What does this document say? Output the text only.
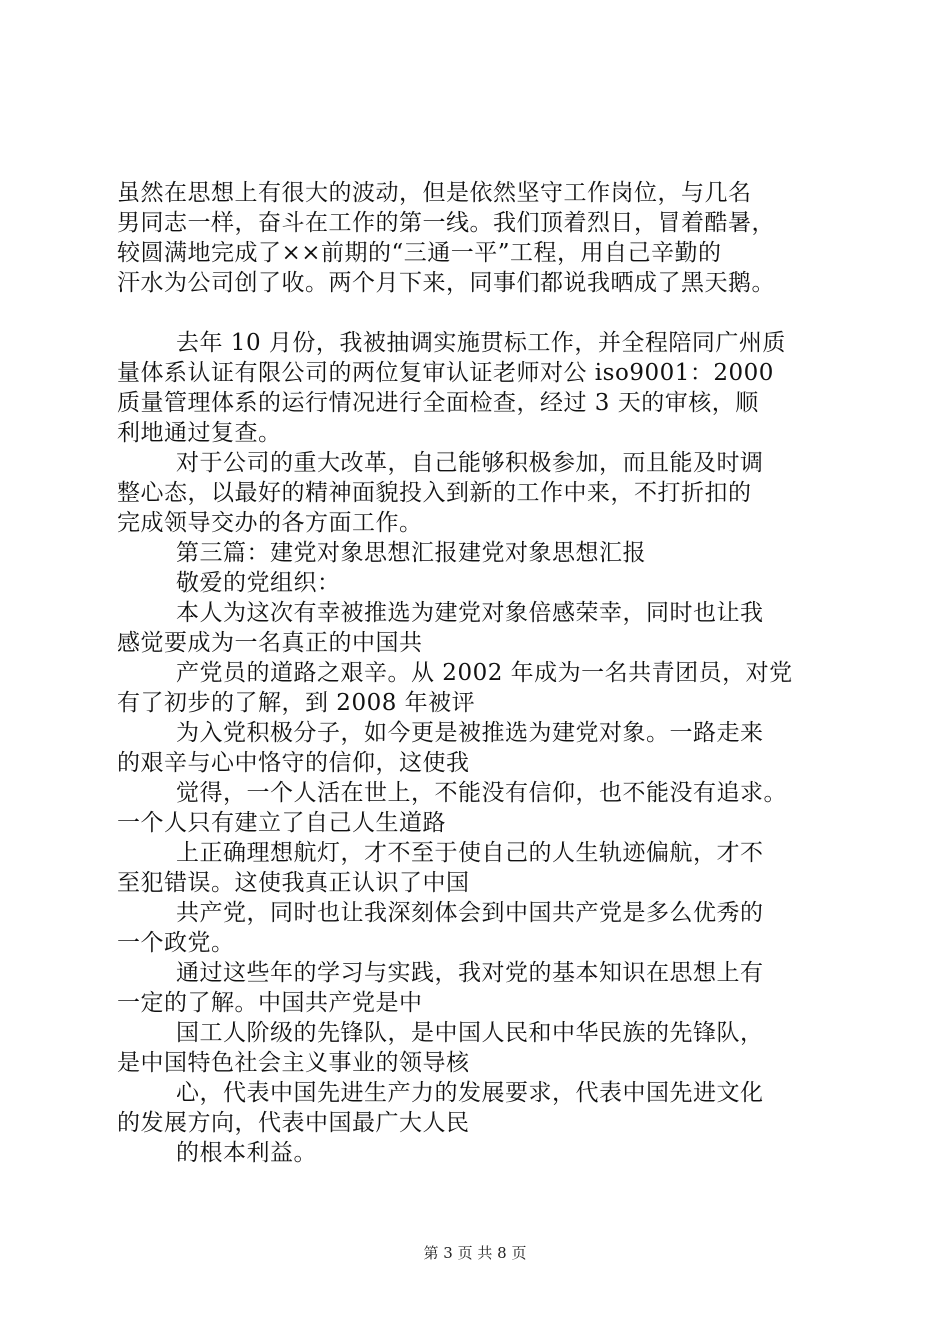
虽然在思想上有很大的波动，但是依然坚守工作岗位，与几名
男同志一样，奋斗在工作的第一线。我们顶着烈日，冒着酷暑，
较圆满地完成了××前期的“三通一平”工程，用自己辛勤的
汗水为公司创了收。两个月下来，同事们都说我晒成了黑天鹅。
去年 10 月份，我被抽调实施贯标工作，并全程陪同广州质
量体系认证有限公司的两位复审认证老师对公 iso9001：2000
质量管理体系的运行情况进行全面检查，经过 3 天的审核，顺
利地通过复查。
对于公司的重大改革，自己能够积极参加，而且能及时调
整心态，以最好的精神面貌投入到新的工作中来，不打折扣的
完成领导交办的各方面工作。
第三篇：建党对象思想汇报建党对象思想汇报
敬爱的党组织：
本人为这次有幸被推选为建党对象倍感荣幸，同时也让我
感觉要成为一名真正的中国共
产党员的道路之艰辛。从 2002 年成为一名共青团员，对党
有了初步的了解，到 2008 年被评
为入党积极分子，如今更是被推选为建党对象。一路走来
的艰辛与心中恪守的信仰，这使我
觉得，一个人活在世上，不能没有信仰，也不能没有追求。
一个人只有建立了自己人生道路
上正确理想航灯，才不至于使自己的人生轨迹偏航，才不
至犯错误。这使我真正认识了中国
共产党，同时也让我深刻体会到中国共产党是多么优秀的
一个政党。
通过这些年的学习与实践，我对党的基本知识在思想上有
一定的了解。中国共产党是中
国工人阶级的先锋队，是中国人民和中华民族的先锋队，
是中国特色社会主义事业的领导核
心，代表中国先进生产力的发展要求，代表中国先进文化
的发展方向，代表中国最广大人民
的根本利益。
第 3 页 共 8 页
